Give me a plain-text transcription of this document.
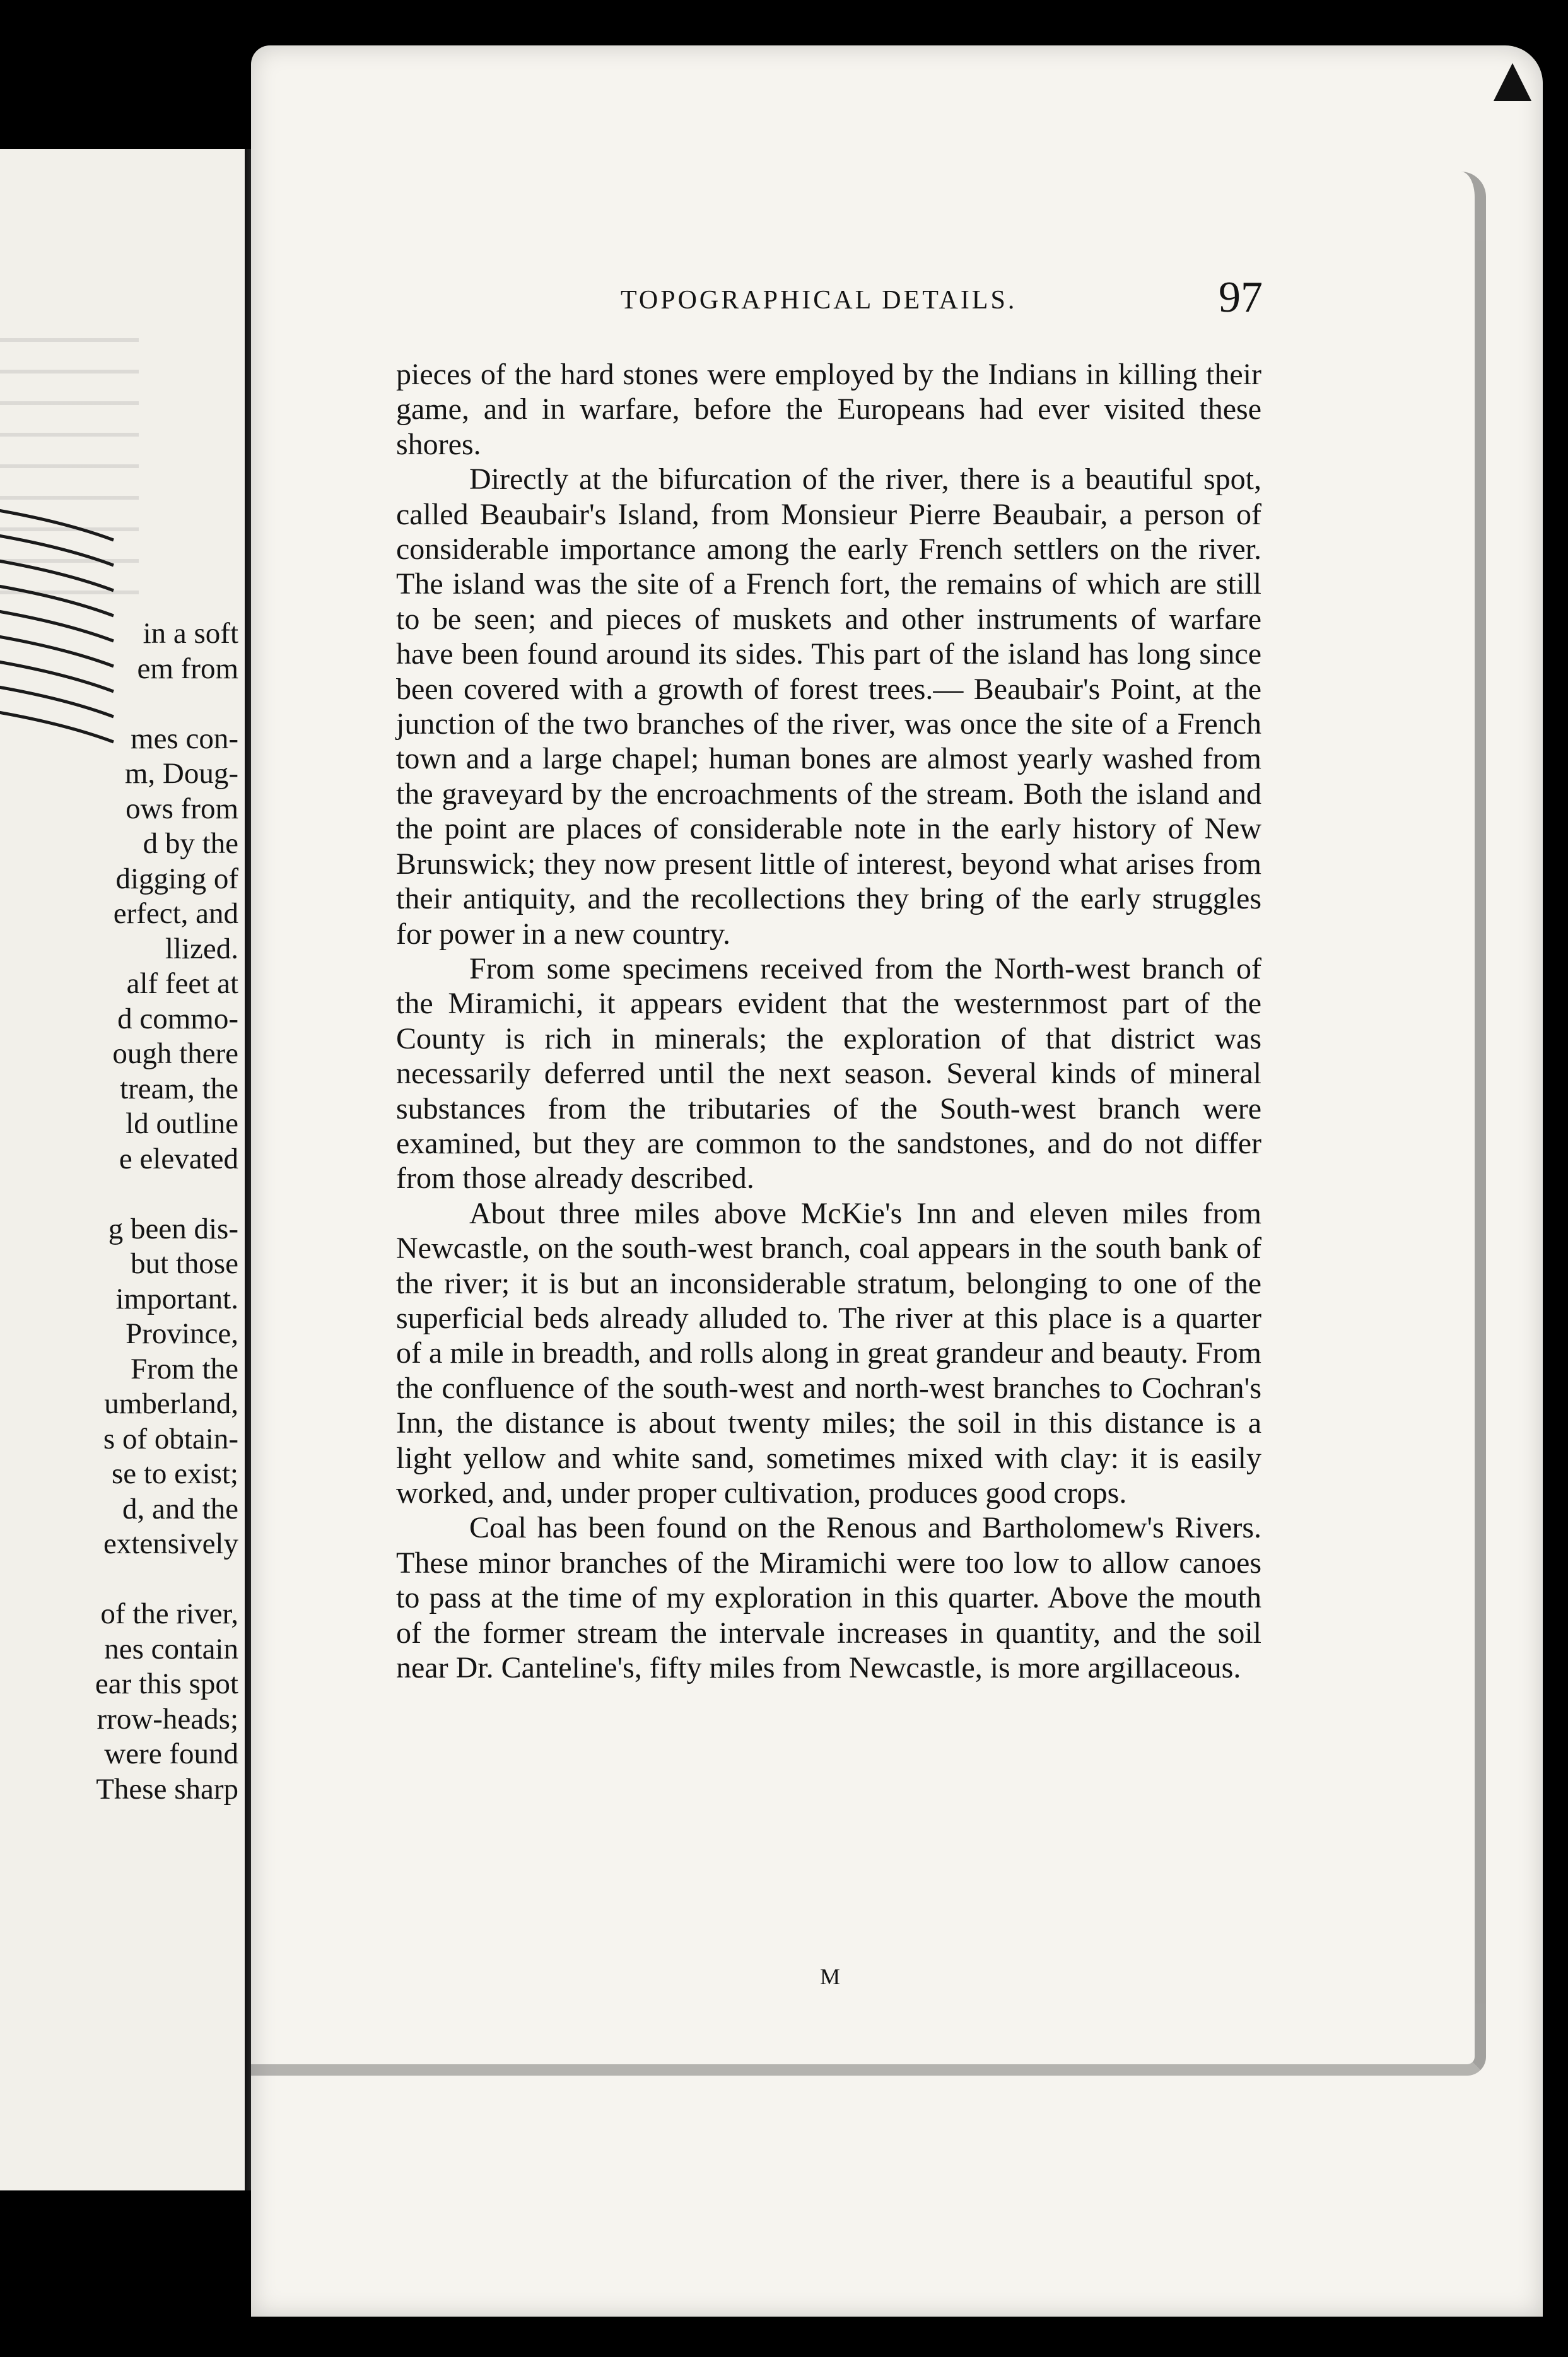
in a soft
em from
mes con-
m, Doug-
ows from
d by the
digging of
erfect, and
llized.
alf feet at
d commo-
ough there
tream, the
ld outline
e elevated
g been dis-
but those
important.
Province,
From the
umberland,
s of obtain-
se to exist;
d, and the
extensively
of the river,
nes contain
ear this spot
rrow-heads;
were found
These sharp
TOPOGRAPHICAL DETAILS.	97

pieces of the hard stones were employed by the Indians in killing their game, and in warfare, before the Europeans had ever visited these shores.

Directly at the bifurcation of the river, there is a beautiful spot, called Beaubair's Island, from Monsieur Pierre Beaubair, a person of considerable importance among the early French settlers on the river. The island was the site of a French fort, the remains of which are still to be seen; and pieces of muskets and other instruments of warfare have been found around its sides. This part of the island has long since been covered with a growth of forest trees.— Beaubair's Point, at the junction of the two branches of the river, was once the site of a French town and a large chapel; human bones are almost yearly washed from the graveyard by the encroachments of the stream. Both the island and the point are places of considerable note in the early history of New Brunswick; they now present little of interest, beyond what arises from their antiquity, and the recollections they bring of the early struggles for power in a new country.

From some specimens received from the North-west branch of the Miramichi, it appears evident that the westernmost part of the County is rich in minerals; the exploration of that district was necessarily deferred until the next season. Several kinds of mineral substances from the tributaries of the South-west branch were examined, but they are common to the sandstones, and do not differ from those already described.

About three miles above McKie's Inn and eleven miles from Newcastle, on the south-west branch, coal appears in the south bank of the river; it is but an inconsiderable stratum, belonging to one of the superficial beds already alluded to. The river at this place is a quarter of a mile in breadth, and rolls along in great grandeur and beauty. From the confluence of the south-west and north-west branches to Cochran's Inn, the distance is about twenty miles; the soil in this distance is a light yellow and white sand, sometimes mixed with clay: it is easily worked, and, under proper cultivation, produces good crops.

Coal has been found on the Renous and Bartholomew's Rivers. These minor branches of the Miramichi were too low to allow canoes to pass at the time of my exploration in this quarter. Above the mouth of the former stream the intervale increases in quantity, and the soil near Dr. Canteline's, fifty miles from Newcastle, is more argillaceous.

M
